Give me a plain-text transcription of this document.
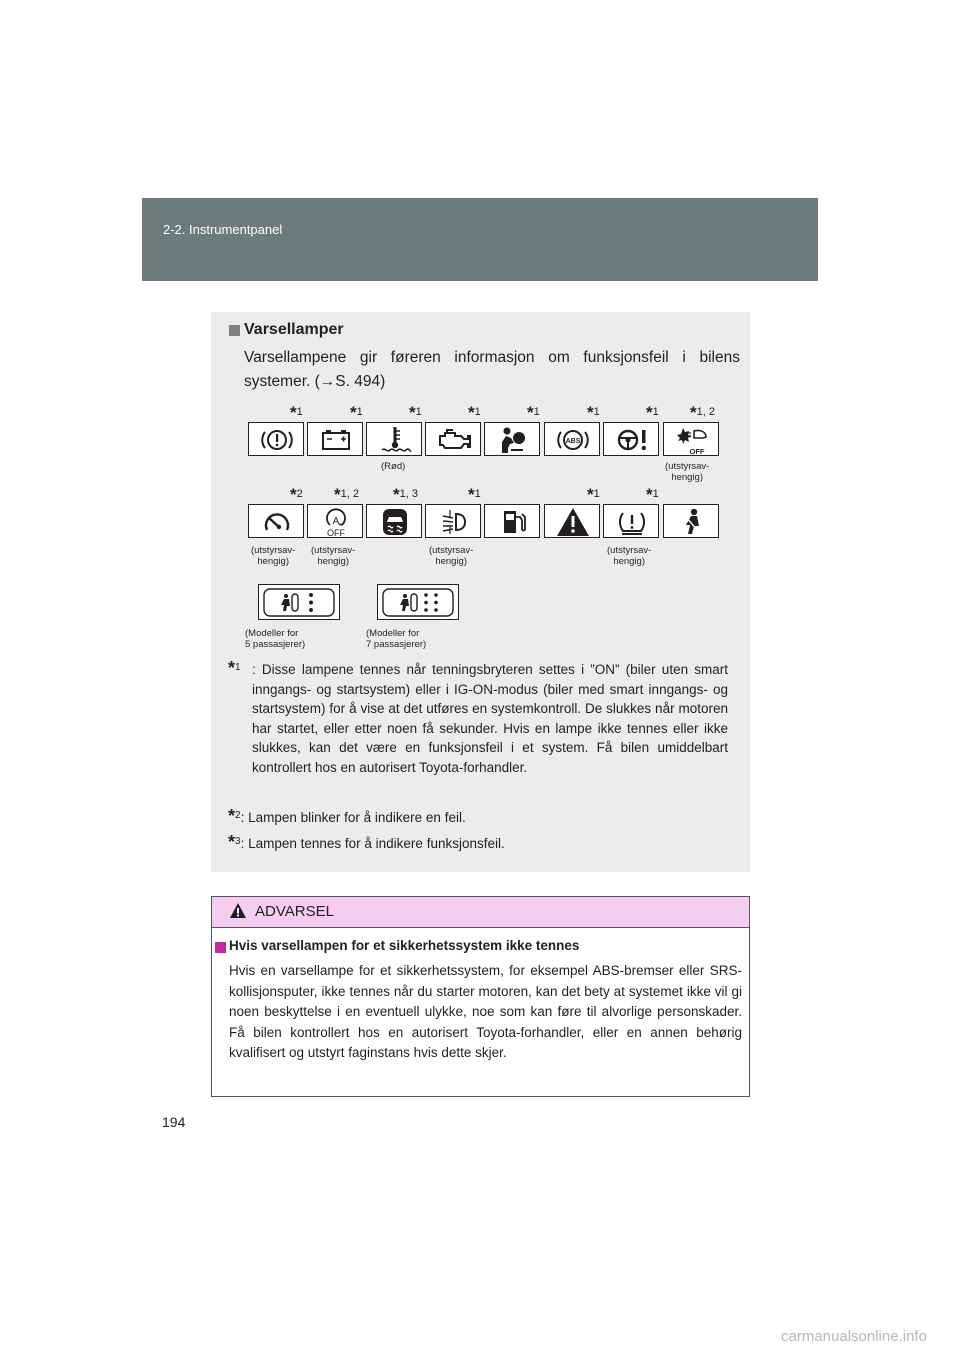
2-2. Instrumentpanel
Varsellamper
Varsellampene gir føreren informasjon om funksjonsfeil i bilens systemer. (→S. 494)
*1	*1	*1	*1	*1	*1	*1 *1, 2
ABS
OFF
(Rød)	(utstyrsav-
hengig)
*2 *1, 2 *1, 3	*1	*1	*1
A
OFF
(utstyrsav-
hengig)
(utstyrsav-
hengig)
(utstyrsav-
hengig)
(utstyrsav-
hengig)
(Modeller for
5 passasjerer)
(Modeller for
7 passasjerer)
*$^1$ : Disse lampene tennes når tenningsbryteren settes i ”ON” (biler uten smart inngangs- og startsystem) eller i IG-ON-modus (biler med smart inngangs- og startsystem) for å vise at det utføres en systemkontroll. De slukkes når motoren har startet, eller etter noen få sekunder. Hvis en lampe ikke tennes eller ikke slukkes, kan det være en funksjonsfeil i et system. Få bilen umiddelbart kontrollert hos en autorisert Toyota-forhandler.
*$^2$: Lampen blinker for å indikere en feil.
*$^3$: Lampen tennes for å indikere funksjonsfeil.
ADVARSEL
Hvis varsellampen for et sikkerhetssystem ikke tennes
Hvis en varsellampe for et sikkerhetssystem, for eksempel ABS-bremser eller SRS-kollisjonsputer, ikke tennes når du starter motoren, kan det bety at systemet ikke vil gi noen beskyttelse i en eventuell ulykke, noe som kan føre til alvorlige personskader. Få bilen kontrollert hos en autorisert Toyota-forhandler, eller en annen behørig kvalifisert og utstyrt faginstans hvis dette skjer.
194
carmanualsonline.info
